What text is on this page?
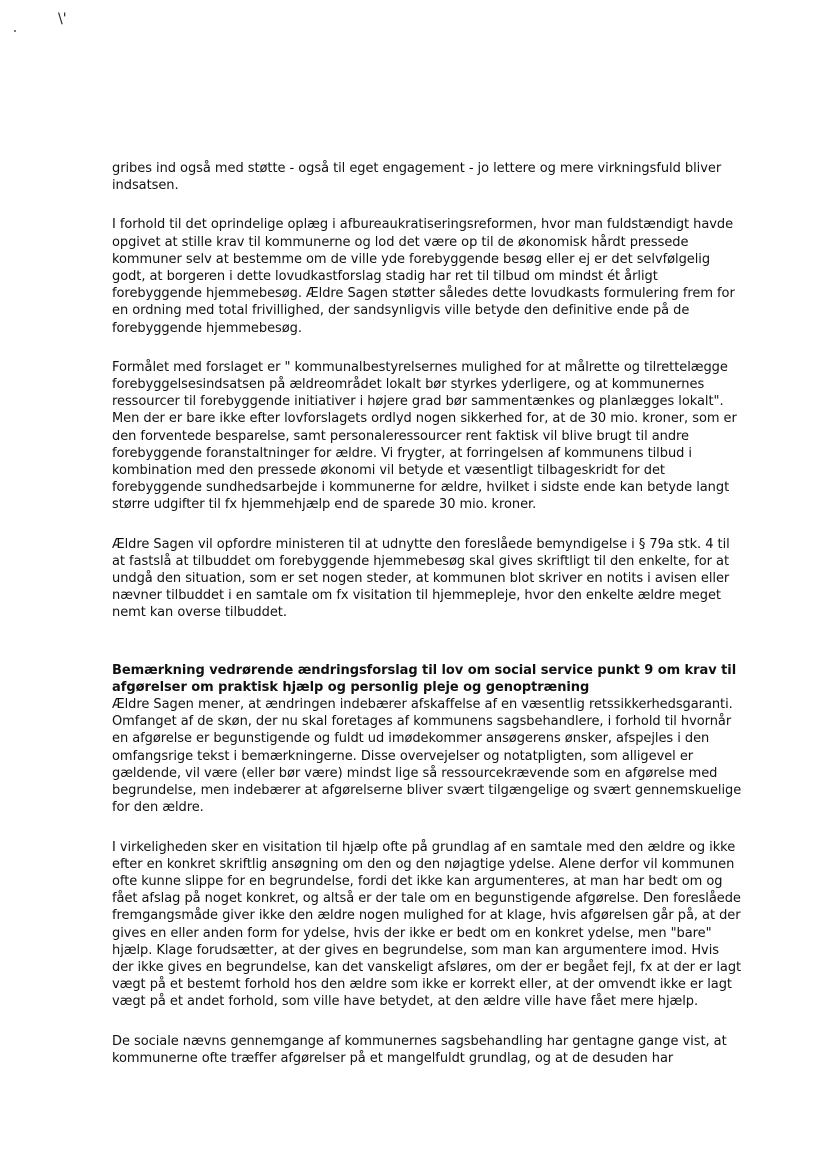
\'

gribes ind også med støtte - også til eget engagement - jo lettere og mere virkningsfuld bliver indsatsen.

I forhold til det oprindelige oplæg i afbureaukratiseringsreformen, hvor man fuldstændigt havde opgivet at stille krav til kommunerne og lod det være op til de økonomisk hårdt pressede kommuner selv at bestemme om de ville yde forebyggende besøg eller ej er det selvfølgelig godt, at borgeren i dette lovudkastforslag stadig har ret til tilbud om mindst ét årligt forebyggende hjemmebesøg. Ældre Sagen støtter således dette lovudkasts formulering frem for en ordning med total frivillighed, der sandsynligvis ville betyde den definitive ende på de forebyggende hjemmebesøg.

Formålet med forslaget er " kommunalbestyrelsernes mulighed for at målrette og tilrettelægge forebyggelsesindsatsen på ældreområdet lokalt bør styrkes yderligere, og at kommunernes ressourcer til forebyggende initiativer i højere grad bør sammentænkes og planlægges lokalt". Men der er bare ikke efter lovforslagets ordlyd nogen sikkerhed for, at de 30 mio. kroner, som er den forventede besparelse, samt personaleressourcer rent faktisk vil blive brugt til andre forebyggende foranstaltninger for ældre. Vi frygter, at forringelsen af kommunens tilbud i kombination med den pressede økonomi vil betyde et væsentligt tilbageskridt for det forebyggende sundhedsarbejde i kommunerne for ældre, hvilket i sidste ende kan betyde langt større udgifter til fx hjemmehjælp end de sparede 30 mio. kroner.

Ældre Sagen vil opfordre ministeren til at udnytte den foreslåede bemyndigelse i § 79a stk. 4 til at fastslå at tilbuddet om forebyggende hjemmebesøg skal gives skriftligt til den enkelte, for at undgå den situation, som er set nogen steder, at kommunen blot skriver en notits i avisen eller nævner tilbuddet i en samtale om fx visitation til hjemmepleje, hvor den enkelte ældre meget nemt kan overse tilbuddet.

Bemærkning vedrørende ændringsforslag til lov om social service punkt 9 om krav til afgørelser om praktisk hjælp og personlig pleje og genoptræning

Ældre Sagen mener, at ændringen indebærer afskaffelse af en væsentlig retssikkerhedsgaranti. Omfanget af de skøn, der nu skal foretages af kommunens sagsbehandlere, i forhold til hvornår en afgørelse er begunstigende og fuldt ud imødekommer ansøgerens ønsker, afspejles i den omfangsrige tekst i bemærkningerne. Disse overvejelser og notatpligten, som alligevel er gældende, vil være (eller bør være) mindst lige så ressourcekrævende som en afgørelse med begrundelse, men indebærer at afgørelserne bliver svært tilgængelige og svært gennemskuelige for den ældre.

I virkeligheden sker en visitation til hjælp ofte på grundlag af en samtale med den ældre og ikke efter en konkret skriftlig ansøgning om den og den nøjagtige ydelse. Alene derfor vil kommunen ofte kunne slippe for en begrundelse, fordi det ikke kan argumenteres, at man har bedt om og fået afslag på noget konkret, og altså er der tale om en begunstigende afgørelse. Den foreslåede fremgangsmåde giver ikke den ældre nogen mulighed for at klage, hvis afgørelsen går på, at der gives en eller anden form for ydelse, hvis der ikke er bedt om en konkret ydelse, men "bare" hjælp. Klage forudsætter, at der gives en begrundelse, som man kan argumentere imod. Hvis der ikke gives en begrundelse, kan det vanskeligt afsløres, om der er begået fejl, fx at der er lagt vægt på et bestemt forhold hos den ældre som ikke er korrekt eller, at der omvendt ikke er lagt vægt på et andet forhold, som ville have betydet, at den ældre ville have fået mere hjælp.

De sociale nævns gennemgange af kommunernes sagsbehandling har gentagne gange vist, at kommunerne ofte træffer afgørelser på et mangelfuldt grundlag, og at de desuden har
